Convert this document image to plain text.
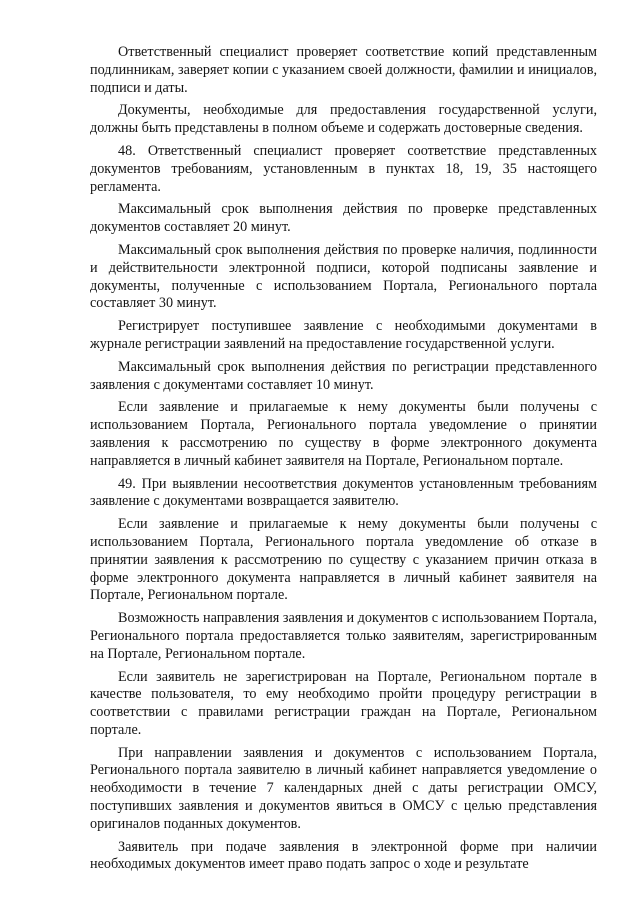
Ответственный специалист проверяет соответствие копий представленным подлинникам, заверяет копии с указанием своей должности, фамилии и инициалов, подписи и даты.

Документы, необходимые для предоставления государственной услуги, должны быть представлены в полном объеме и содержать достоверные сведения.

48. Ответственный специалист проверяет соответствие представленных документов требованиям, установленным в пунктах 18, 19, 35 настоящего регламента.

Максимальный срок выполнения действия по проверке представленных документов составляет 20 минут.

Максимальный срок выполнения действия по проверке наличия, подлинности и действительности электронной подписи, которой подписаны заявление и документы, полученные с использованием Портала, Регионального портала составляет 30 минут.

Регистрирует поступившее заявление с необходимыми документами в журнале регистрации заявлений на предоставление государственной услуги.

Максимальный срок выполнения действия по регистрации представленного заявления с документами составляет 10 минут.

Если заявление и прилагаемые к нему документы были получены с использованием Портала, Регионального портала уведомление о принятии заявления к рассмотрению по существу в форме электронного документа направляется в личный кабинет заявителя на Портале, Региональном портале.

49. При выявлении несоответствия документов установленным требованиям заявление с документами возвращается заявителю.

Если заявление и прилагаемые к нему документы были получены с использованием Портала, Регионального портала уведомление об отказе в принятии заявления к рассмотрению по существу с указанием причин отказа в форме электронного документа направляется в личный кабинет заявителя на Портале, Региональном портале.

Возможность направления заявления и документов с использованием Портала, Регионального портала предоставляется только заявителям, зарегистрированным на Портале, Региональном портале.

Если заявитель не зарегистрирован на Портале, Региональном портале в качестве пользователя, то ему необходимо пройти процедуру регистрации в соответствии с правилами регистрации граждан на Портале, Региональном портале.

При направлении заявления и документов с использованием Портала, Регионального портала заявителю в личный кабинет направляется уведомление о необходимости в течение 7 календарных дней с даты регистрации ОМСУ, поступивших заявления и документов явиться в ОМСУ с целью представления оригиналов поданных документов.

Заявитель при подаче заявления в электронной форме при наличии необходимых документов имеет право подать запрос о ходе и результате
